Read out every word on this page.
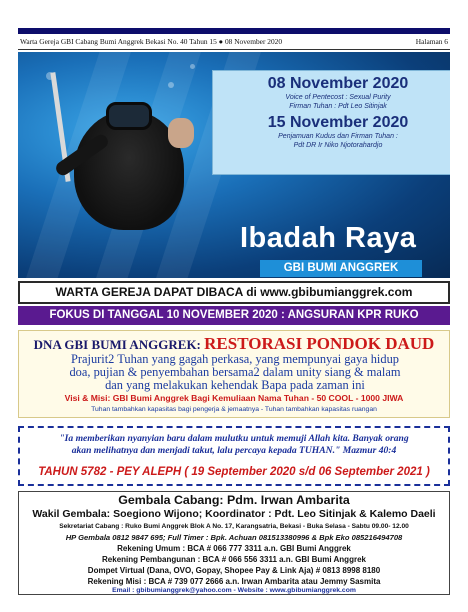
Warta Gereja GBI Cabang Bumi Anggrek Bekasi No. 40 Tahun 15 ● 08 November 2020	Halaman 6
08 November 2020
Voice of Pentecost : Sexual Purity
Firman Tuhan : Pdt Leo Sitinjak
15 November 2020
Penjamuan Kudus dan Firman Tuhan :
Pdt DR Ir Niko Njotorahardjo
Ibadah Raya
GBI BUMI ANGGREK
WARTA GEREJA DAPAT DIBACA di www.gbibumianggrek.com
FOKUS DI TANGGAL 10 NOVEMBER 2020 : ANGSURAN KPR RUKO
DNA GBI BUMI ANGGREK: RESTORASI PONDOK DAUD
Prajurit2 Tuhan yang gagah perkasa, yang mempunyai gaya hidup
doa, pujian & penyembahan bersama2 dalam unity siang & malam
dan yang melakukan kehendak Bapa pada zaman ini
Visi & Misi: GBI Bumi Anggrek Bagi Kemuliaan Nama Tuhan - 50 COOL - 1000 JIWA
Tuhan tambahkan kapasitas bagi pengerja & jemaatnya - Tuhan tambahkan kapasitas ruangan
"Ia memberikan nyanyian baru dalam mulutku untuk memuji Allah kita. Banyak orang
akan melihatnya dan menjadi takut, lalu percaya kepada TUHAN." Mazmur 40:4
TAHUN 5782 - PEY ALEPH ( 19 September 2020 s/d 06 September 2021 )
Gembala Cabang: Pdm. Irwan Ambarita
Wakil Gembala: Soegiono Wijono; Koordinator : Pdt. Leo Sitinjak & Kalemo Daeli
Sekretariat Cabang : Ruko Bumi Anggrek Blok A No. 17, Karangsatria, Bekasi - Buka Selasa - Sabtu 09.00- 12.00
HP Gembala 0812 9847 695; Full Timer : Bpk. Achuan 081513380996 & Bpk Eko 085216494708
Rekening Umum : BCA # 066 777 3311 a.n. GBI Bumi Anggrek
Rekening Pembangunan : BCA # 066 556 3311 a.n. GBI Bumi Anggrek
Dompet Virtual (Dana, OVO, Gopay, Shopee Pay & Link Aja) # 0813 8998 8180
Rekening Misi : BCA # 739 077 2666 a.n. Irwan Ambarita atau Jemmy Sasmita
Email : gbibumianggrek@yahoo.com - Website : www.gbibumianggrek.com
